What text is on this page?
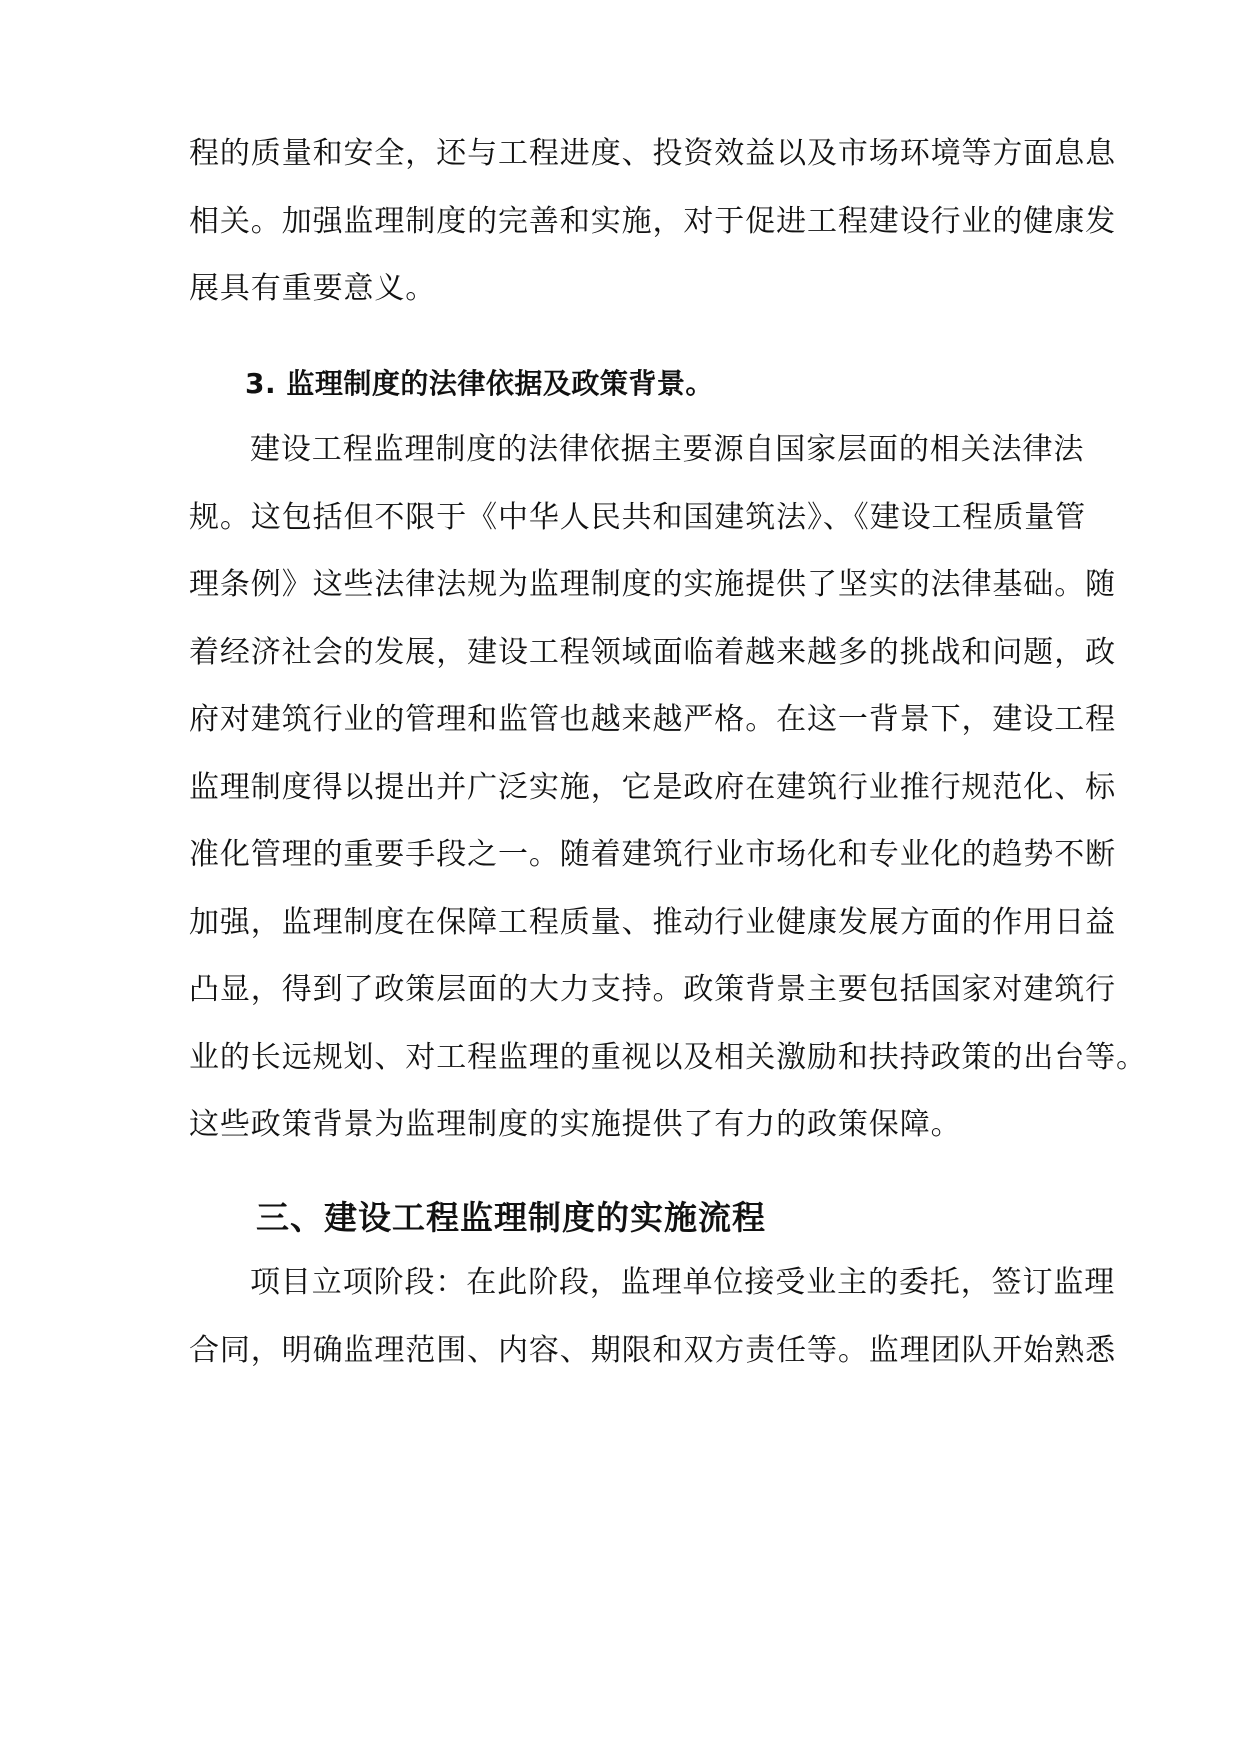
程的质量和安全，还与工程进度、投资效益以及市场环境等方面息息
相关。加强监理制度的完善和实施，对于促进工程建设行业的健康发
展具有重要意义。
3. 监理制度的法律依据及政策背景。
建设工程监理制度的法律依据主要源自国家层面的相关法律法
规。这包括但不限于《中华人民共和国建筑法》、《建设工程质量管
理条例》这些法律法规为监理制度的实施提供了坚实的法律基础。随
着经济社会的发展，建设工程领域面临着越来越多的挑战和问题，政
府对建筑行业的管理和监管也越来越严格。在这一背景下，建设工程
监理制度得以提出并广泛实施，它是政府在建筑行业推行规范化、标
准化管理的重要手段之一。随着建筑行业市场化和专业化的趋势不断
加强，监理制度在保障工程质量、推动行业健康发展方面的作用日益
凸显，得到了政策层面的大力支持。政策背景主要包括国家对建筑行
业的长远规划、对工程监理的重视以及相关激励和扶持政策的出台等。
这些政策背景为监理制度的实施提供了有力的政策保障。
三、建设工程监理制度的实施流程
项目立项阶段：在此阶段，监理单位接受业主的委托，签订监理
合同，明确监理范围、内容、期限和双方责任等。监理团队开始熟悉
